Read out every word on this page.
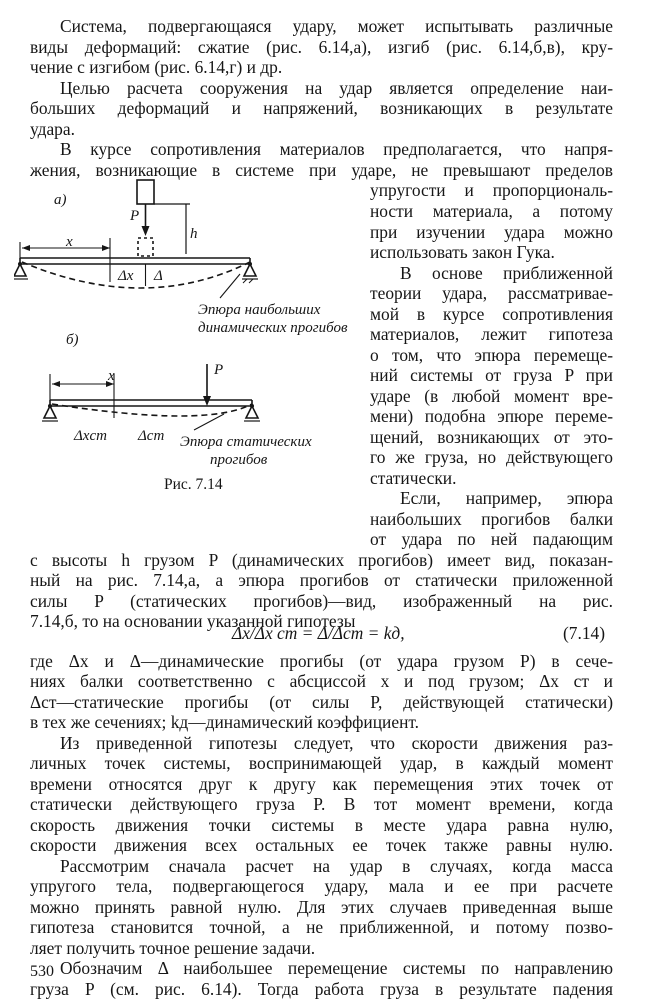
Система, подвергающаяся удару, может испытывать различные
виды деформаций: сжатие (рис. 6.14,а), изгиб (рис. 6.14,б,в), кру-
чение с изгибом (рис. 6.14,г) и др.
Целью расчета сооружения на удар является определение наи-
больших деформаций и напряжений, возникающих в результате
удара.
В курсе сопротивления материалов предполагается, что напря-
жения, возникающие в системе при ударе, не превышают пределов
упругости и пропорциональ-
ности материала, а потому
при изучении удара можно
использовать закон Гука.
В основе приближенной
теории удара, рассматривае-
мой в курсе сопротивления
материалов, лежит гипотеза
о том, что эпюра перемеще-
ний системы от груза P при
ударе (в любой момент вре-
мени) подобна эпюре переме-
щений, возникающих от это-
го же груза, но действующего
статически.
Если, например, эпюра
наибольших прогибов балки
от удара по ней падающим
с высоты h грузом P (динамических прогибов) имеет вид, показан-
ный на рис. 7.14,а, а эпюра прогибов от статически приложенной
силы P (статических прогибов)—вид, изображенный на рис.
7.14,б, то на основании указанной гипотезы
где Δx и Δ—динамические прогибы (от удара грузом P) в сече-
ниях балки соответственно с абсциссой x и под грузом; Δx ст и
Δст—статические прогибы (от силы P, действующей статически)
в тех же сечениях; kд—динамический коэффициент.
Из приведенной гипотезы следует, что скорости движения раз-
личных точек системы, воспринимающей удар, в каждый момент
времени относятся друг к другу как перемещения этих точек от
статически действующего груза P. В тот момент времени, когда
скорость движения точки системы в месте удара равна нулю,
скорости движения всех остальных ее точек также равны нулю.
Рассмотрим сначала расчет на удар в случаях, когда масса
упругого тела, подвергающегося удару, мала и ее при расчете
можно принять равной нулю. Для этих случаев приведенная выше
гипотеза становится точной, а не приближенной, и потому позво-
ляет получить точное решение задачи.
Обозначим Δ наибольшее перемещение системы по направлению
груза P (см. рис. 6.14). Тогда работа груза в результате падения
Δx/Δx ст = Δ/Δст = kд,	(7.14)
а)
P
h
x
Δx Δ
Эпюра наибольших
динамических прогибов
б)
P
x
Δxст Δст Эпюра статических
прогибов
Рис. 7.14
530
